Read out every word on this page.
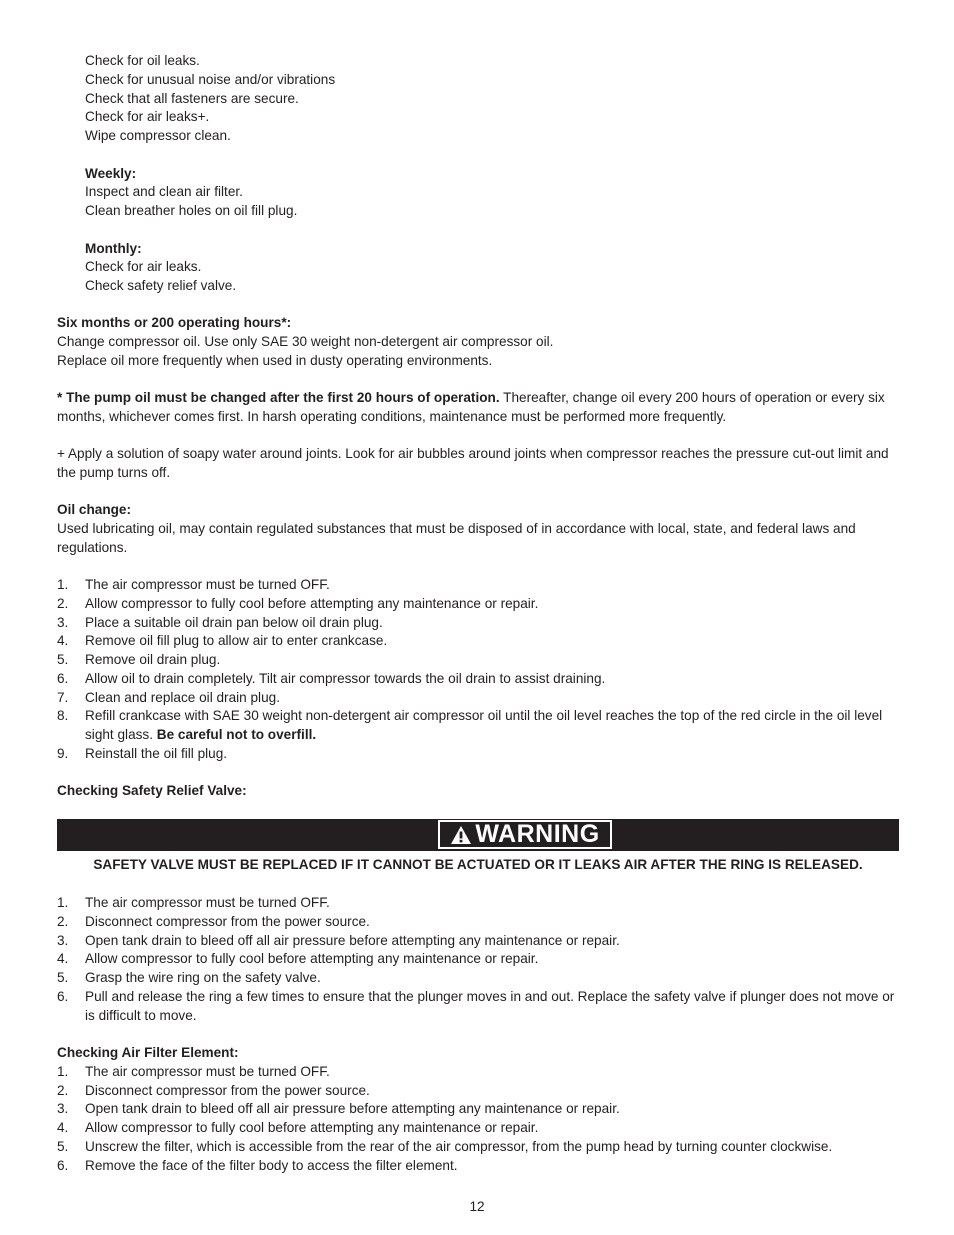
Check for oil leaks.
Check for unusual noise and/or vibrations
Check that all fasteners are secure.
Check for air leaks+.
Wipe compressor clean.
Weekly:
Inspect and clean air filter.
Clean breather holes on oil fill plug.
Monthly:
Check for air leaks.
Check safety relief valve.
Six months or 200 operating hours*:
Change compressor oil. Use only SAE 30 weight non-detergent air compressor oil.
Replace oil more frequently when used in dusty operating environments.
* The pump oil must be changed after the first 20 hours of operation. Thereafter, change oil every 200 hours of operation or every six months, whichever comes first. In harsh operating conditions, maintenance must be performed more frequently.
+ Apply a solution of soapy water around joints. Look for air bubbles around joints when compressor reaches the pressure cut-out limit and the pump turns off.
Oil change:
Used lubricating oil, may contain regulated substances that must be disposed of in accordance with local, state, and federal laws and regulations.
1. The air compressor must be turned OFF.
2. Allow compressor to fully cool before attempting any maintenance or repair.
3. Place a suitable oil drain pan below oil drain plug.
4. Remove oil fill plug to allow air to enter crankcase.
5. Remove oil drain plug.
6. Allow oil to drain completely. Tilt air compressor towards the oil drain to assist draining.
7. Clean and replace oil drain plug.
8. Refill crankcase with SAE 30 weight non-detergent air compressor oil until the oil level reaches the top of the red circle in the oil level sight glass. Be careful not to overfill.
9. Reinstall the oil fill plug.
Checking Safety Relief Valve:
WARNING
SAFETY VALVE MUST BE REPLACED IF IT CANNOT BE ACTUATED OR IT LEAKS AIR AFTER THE RING IS RELEASED.
1. The air compressor must be turned OFF.
2. Disconnect compressor from the power source.
3. Open tank drain to bleed off all air pressure before attempting any maintenance or repair.
4. Allow compressor to fully cool before attempting any maintenance or repair.
5. Grasp the wire ring on the safety valve.
6. Pull and release the ring a few times to ensure that the plunger moves in and out. Replace the safety valve if plunger does not move or is difficult to move.
Checking Air Filter Element:
1. The air compressor must be turned OFF.
2. Disconnect compressor from the power source.
3. Open tank drain to bleed off all air pressure before attempting any maintenance or repair.
4. Allow compressor to fully cool before attempting any maintenance or repair.
5. Unscrew the filter, which is accessible from the rear of the air compressor, from the pump head by turning counter clockwise.
6. Remove the face of the filter body to access the filter element.
12
